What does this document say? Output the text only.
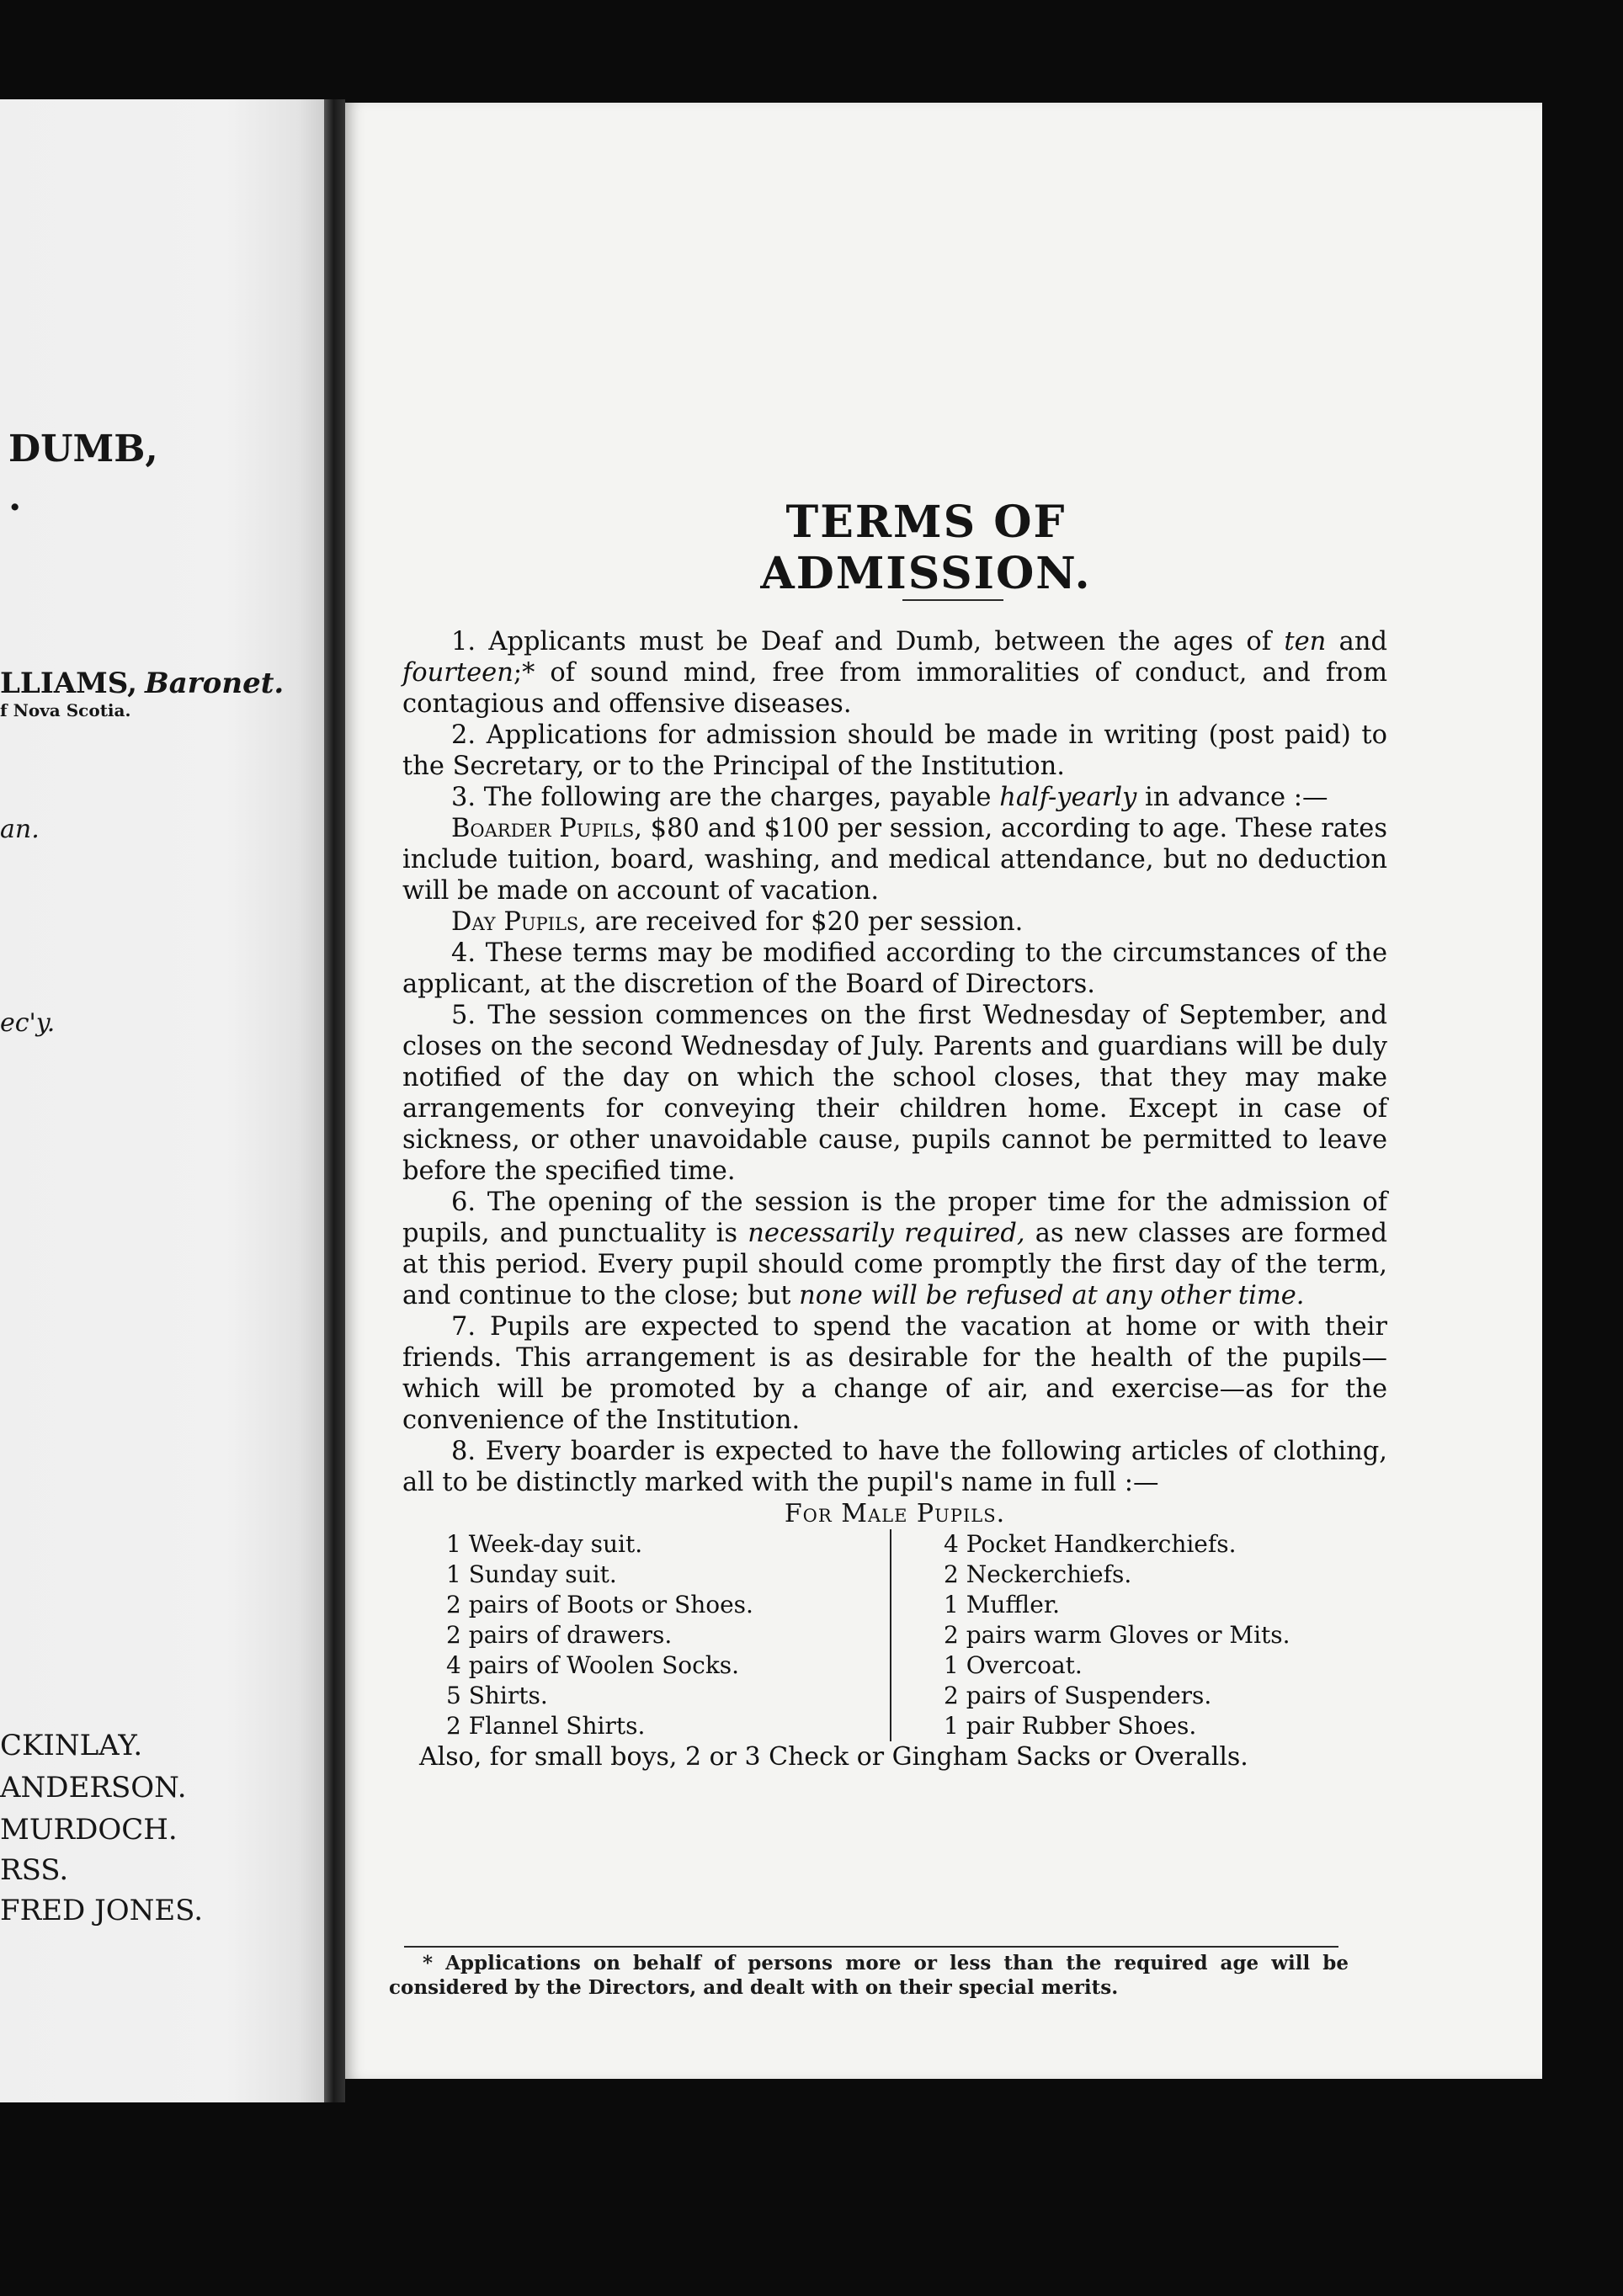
DUMB,

.

LLIAMS, Baronet.

f Nova Scotia.

an.

ec'y.

CKINLAY.

ANDERSON.

MURDOCH.

RSS.

FRED JONES.

TERMS OF ADMISSION.

1. Applicants must be Deaf and Dumb, between the ages of ten and fourteen;* of sound mind, free from immoralities of conduct, and from contagious and offensive diseases.

2. Applications for admission should be made in writing (post paid) to the Secretary, or to the Principal of the Institution.

3. The following are the charges, payable half-yearly in advance :—

Boarder Pupils, $80 and $100 per session, according to age. These rates include tuition, board, washing, and medical attendance, but no deduction will be made on account of vacation.

Day Pupils, are received for $20 per session.

4. These terms may be modified according to the circumstances of the applicant, at the discretion of the Board of Directors.

5. The session commences on the first Wednesday of September, and closes on the second Wednesday of July. Parents and guardians will be duly notified of the day on which the school closes, that they may make arrangements for conveying their children home. Except in case of sickness, or other unavoidable cause, pupils cannot be permitted to leave before the specified time.

6. The opening of the session is the proper time for the admission of pupils, and punctuality is necessarily required, as new classes are formed at this period. Every pupil should come promptly the first day of the term, and continue to the close; but none will be refused at any other time.

7. Pupils are expected to spend the vacation at home or with their friends. This arrangement is as desirable for the health of the pupils—which will be promoted by a change of air, and exercise—as for the convenience of the Institution.

8. Every boarder is expected to have the following articles of clothing, all to be distinctly marked with the pupil's name in full :—

For Male Pupils.

1 Week-day suit.
1 Sunday suit.
2 pairs of Boots or Shoes.
2 pairs of drawers.
4 pairs of Woolen Socks.
5 Shirts.
2 Flannel Shirts.
4 Pocket Handkerchiefs.
2 Neckerchiefs.
1 Muffler.
2 pairs warm Gloves or Mits.
1 Overcoat.
2 pairs of Suspenders.
1 pair Rubber Shoes.

Also, for small boys, 2 or 3 Check or Gingham Sacks or Overalls.

* Applications on behalf of persons more or less than the required age will be considered by the Directors, and dealt with on their special merits.
